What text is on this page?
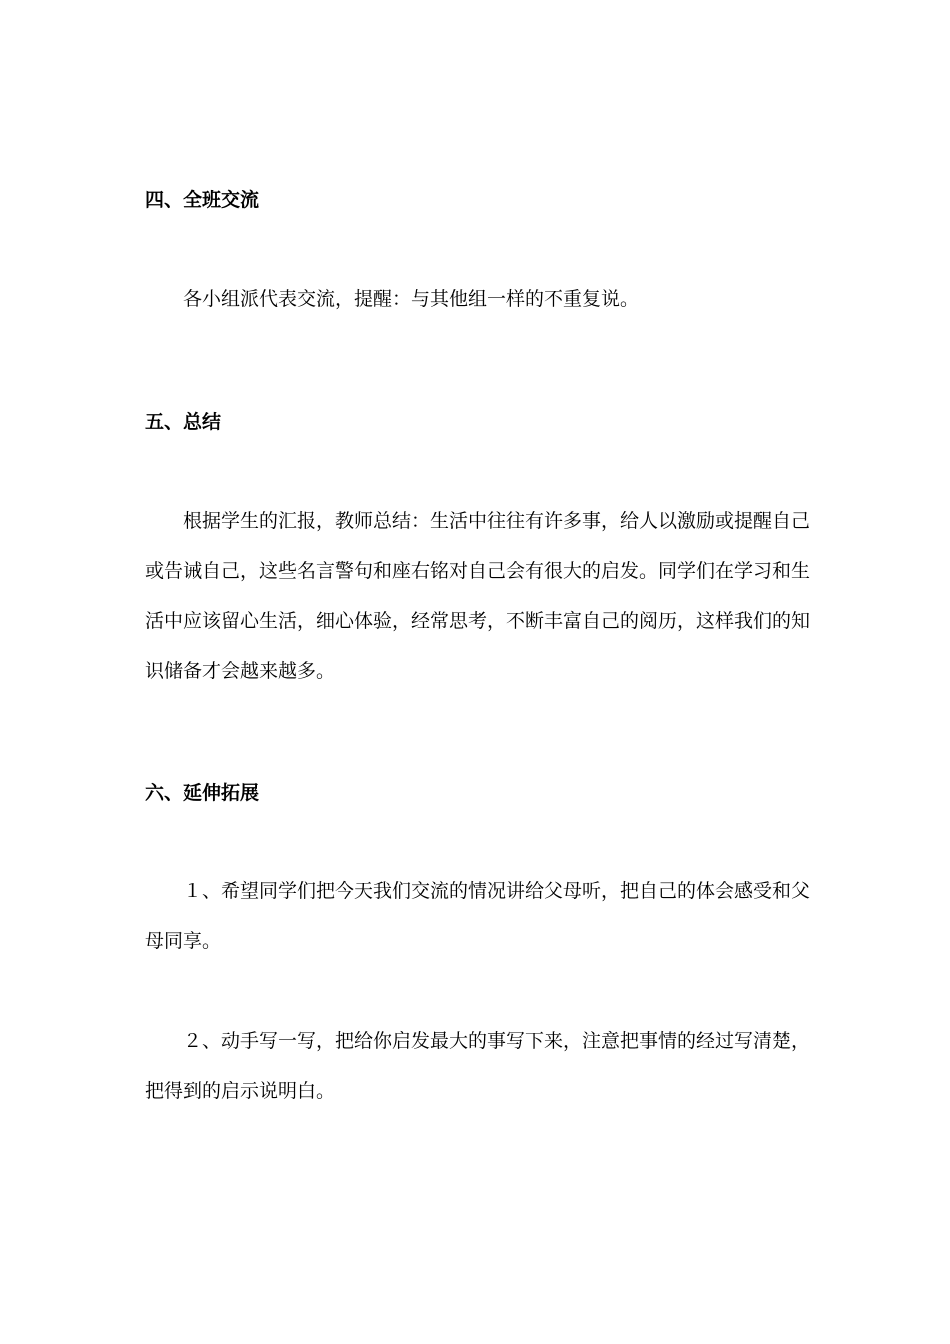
四、全班交流
各小组派代表交流，提醒：与其他组一样的不重复说。
五、总结
根据学生的汇报，教师总结：生活中往往有许多事，给人以激励或提醒自己或告诫自己，这些名言警句和座右铭对自己会有很大的启发。同学们在学习和生活中应该留心生活，细心体验，经常思考，不断丰富自己的阅历，这样我们的知识储备才会越来越多。
六、延伸拓展
１、希望同学们把今天我们交流的情况讲给父母听，把自己的体会感受和父母同享。
２、动手写一写，把给你启发最大的事写下来，注意把事情的经过写清楚，把得到的启示说明白。
